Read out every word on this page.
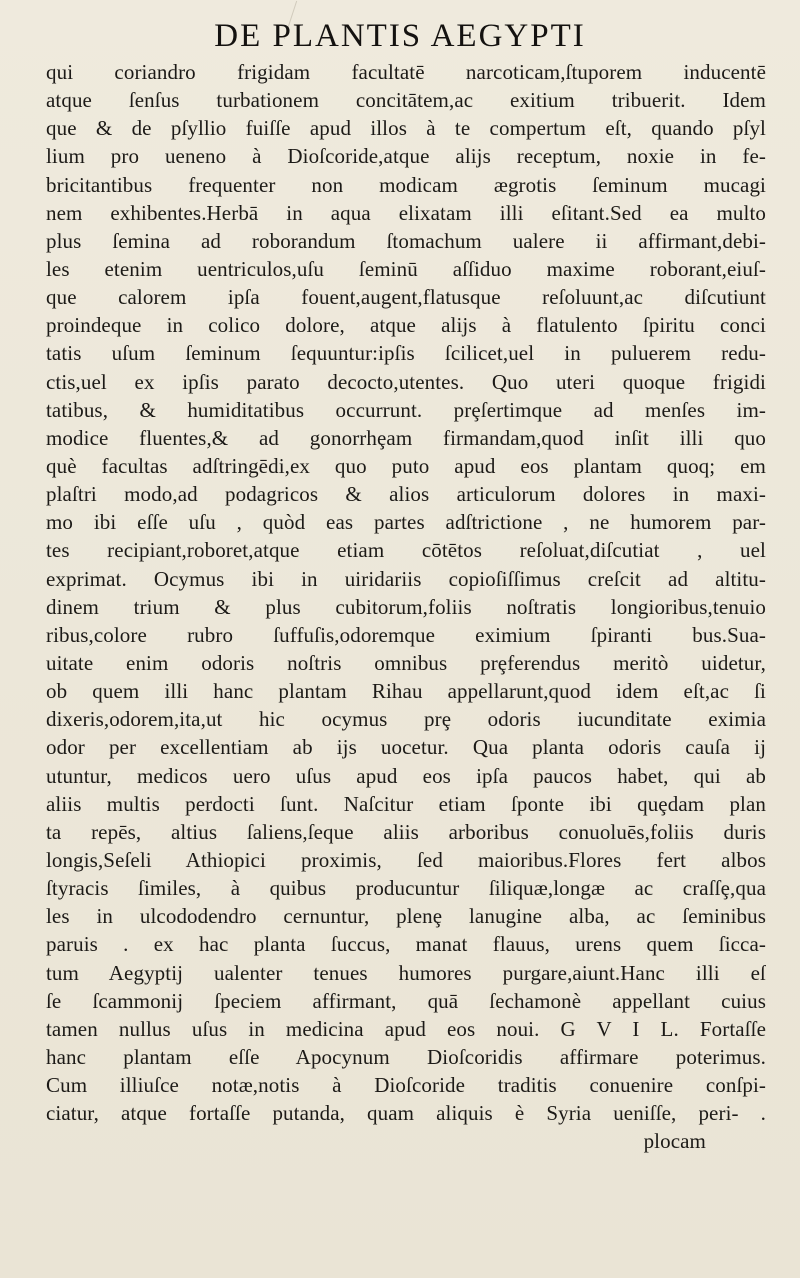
DE PLANTIS AEGYPTI
qui coriandro frigidam facultatē narcoticam,ſtuporem inducentē
atque ſenſus turbationem concitātem,ac exitium tribuerit. Idem
que & de pſyllio fuiſſe apud illos à te compertum eſt, quando pſyl
lium pro ueneno à Dioſcoride,atque alijs receptum, noxie in fe-
bricitantibus frequenter non modicam ægrotis ſeminum mucagi
nem exhibentes.Herbā in aqua elixatam illi eſitant.Sed ea multo
plus ſemina ad roborandum ſtomachum ualere ii affirmant,debi-
les etenim uentriculos,uſu ſeminū aſſiduo maxime roborant,eiuſ-
que calorem ipſa fouent,augent,flatusque reſoluunt,ac diſcutiunt
proindeque in colico dolore, atque alijs à flatulento ſpiritu conci
tatis uſum ſeminum ſequuntur:ipſis ſcilicet,uel in puluerem redu-
ctis,uel ex ipſis parato decocto,utentes. Quo uteri quoque frigidi
tatibus, & humiditatibus occurrunt. prȩſertimque ad menſes im-
modice fluentes,& ad gonorrhȩam firmandam,quod inſit illi quo
què facultas adſtringēdi,ex quo puto apud eos plantam quoq; em
plaſtri modo,ad podagricos & alios articulorum dolores in maxi-
mo ibi eſſe uſu , quòd eas partes adſtrictione , ne humorem par-
tes recipiant,roboret,atque etiam cōtētos reſoluat,diſcutiat , uel
exprimat. Ocymus ibi in uiridariis copioſiſſimus creſcit ad altitu-
dinem trium & plus cubitorum,foliis noſtratis longioribus,tenuio
ribus,colore rubro ſuffuſis,odoremque eximium ſpiranti bus.Sua-
uitate enim odoris noſtris omnibus prȩferendus meritò uidetur,
ob quem illi hanc plantam Rihau appellarunt,quod idem eſt,ac ſi
dixeris,odorem,ita,ut hic ocymus prȩ odoris iucunditate eximia
odor per excellentiam ab ijs uocetur. Qua planta odoris cauſa ij
utuntur, medicos uero uſus apud eos ipſa paucos habet, qui ab
aliis multis perdocti ſunt. Naſcitur etiam ſponte ibi quȩdam plan
ta repēs, altius ſaliens,ſeque aliis arboribus conuoluēs,foliis duris
longis,Seſeli Athiopici proximis, ſed maioribus.Flores fert albos
ſtyracis ſimiles, à quibus producuntur ſiliquæ,longæ ac craſſȩ,qua
les in ulcododendro cernuntur, plenȩ lanugine alba, ac ſeminibus
paruis . ex hac planta ſuccus, manat flauus, urens quem ſicca-
tum Aegyptij ualenter tenues humores purgare,aiunt.Hanc illi eſ
ſe ſcammonij ſpeciem affirmant, quā ſechamonè appellant cuius
tamen nullus uſus in medicina apud eos noui. G V I L. Fortaſſe
hanc plantam eſſe Apocynum Dioſcoridis affirmare poterimus.
Cum illiuſce notæ,notis à Dioſcoride traditis conuenire conſpi-
ciatur, atque fortaſſe putanda, quam aliquis è Syria ueniſſe, peri- .
plocam
